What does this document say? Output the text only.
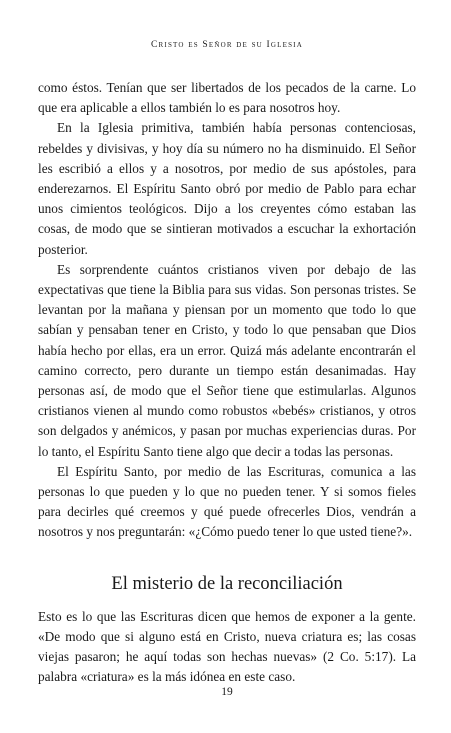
Cristo es Señor de su Iglesia

como éstos. Tenían que ser libertados de los pecados de la carne. Lo que era aplicable a ellos también lo es para nosotros hoy.

En la Iglesia primitiva, también había personas contenciosas, rebeldes y divisivas, y hoy día su número no ha disminuido. El Señor les escribió a ellos y a nosotros, por medio de sus apóstoles, para enderezarnos. El Espíritu Santo obró por medio de Pablo para echar unos cimientos teológicos. Dijo a los creyentes cómo estaban las cosas, de modo que se sintieran motivados a escuchar la exhortación posterior.

Es sorprendente cuántos cristianos viven por debajo de las expectativas que tiene la Biblia para sus vidas. Son personas tristes. Se levantan por la mañana y piensan por un momento que todo lo que sabían y pensaban tener en Cristo, y todo lo que pensaban que Dios había hecho por ellas, era un error. Quizá más adelante encontrarán el camino correcto, pero durante un tiempo están desanimadas. Hay personas así, de modo que el Señor tiene que estimularlas. Algunos cristianos vienen al mundo como robustos «bebés» cristianos, y otros son delgados y anémicos, y pasan por muchas experiencias duras. Por lo tanto, el Espíritu Santo tiene algo que decir a todas las personas.

El Espíritu Santo, por medio de las Escrituras, comunica a las personas lo que pueden y lo que no pueden tener. Y si somos fieles para decirles qué creemos y qué puede ofrecerles Dios, vendrán a nosotros y nos preguntarán: «¿Cómo puedo tener lo que usted tiene?».

El misterio de la reconciliación

Esto es lo que las Escrituras dicen que hemos de exponer a la gente. «De modo que si alguno está en Cristo, nueva criatura es; las cosas viejas pasaron; he aquí todas son hechas nuevas» (2 Co. 5:17). La palabra «criatura» es la más idónea en este caso.

19
